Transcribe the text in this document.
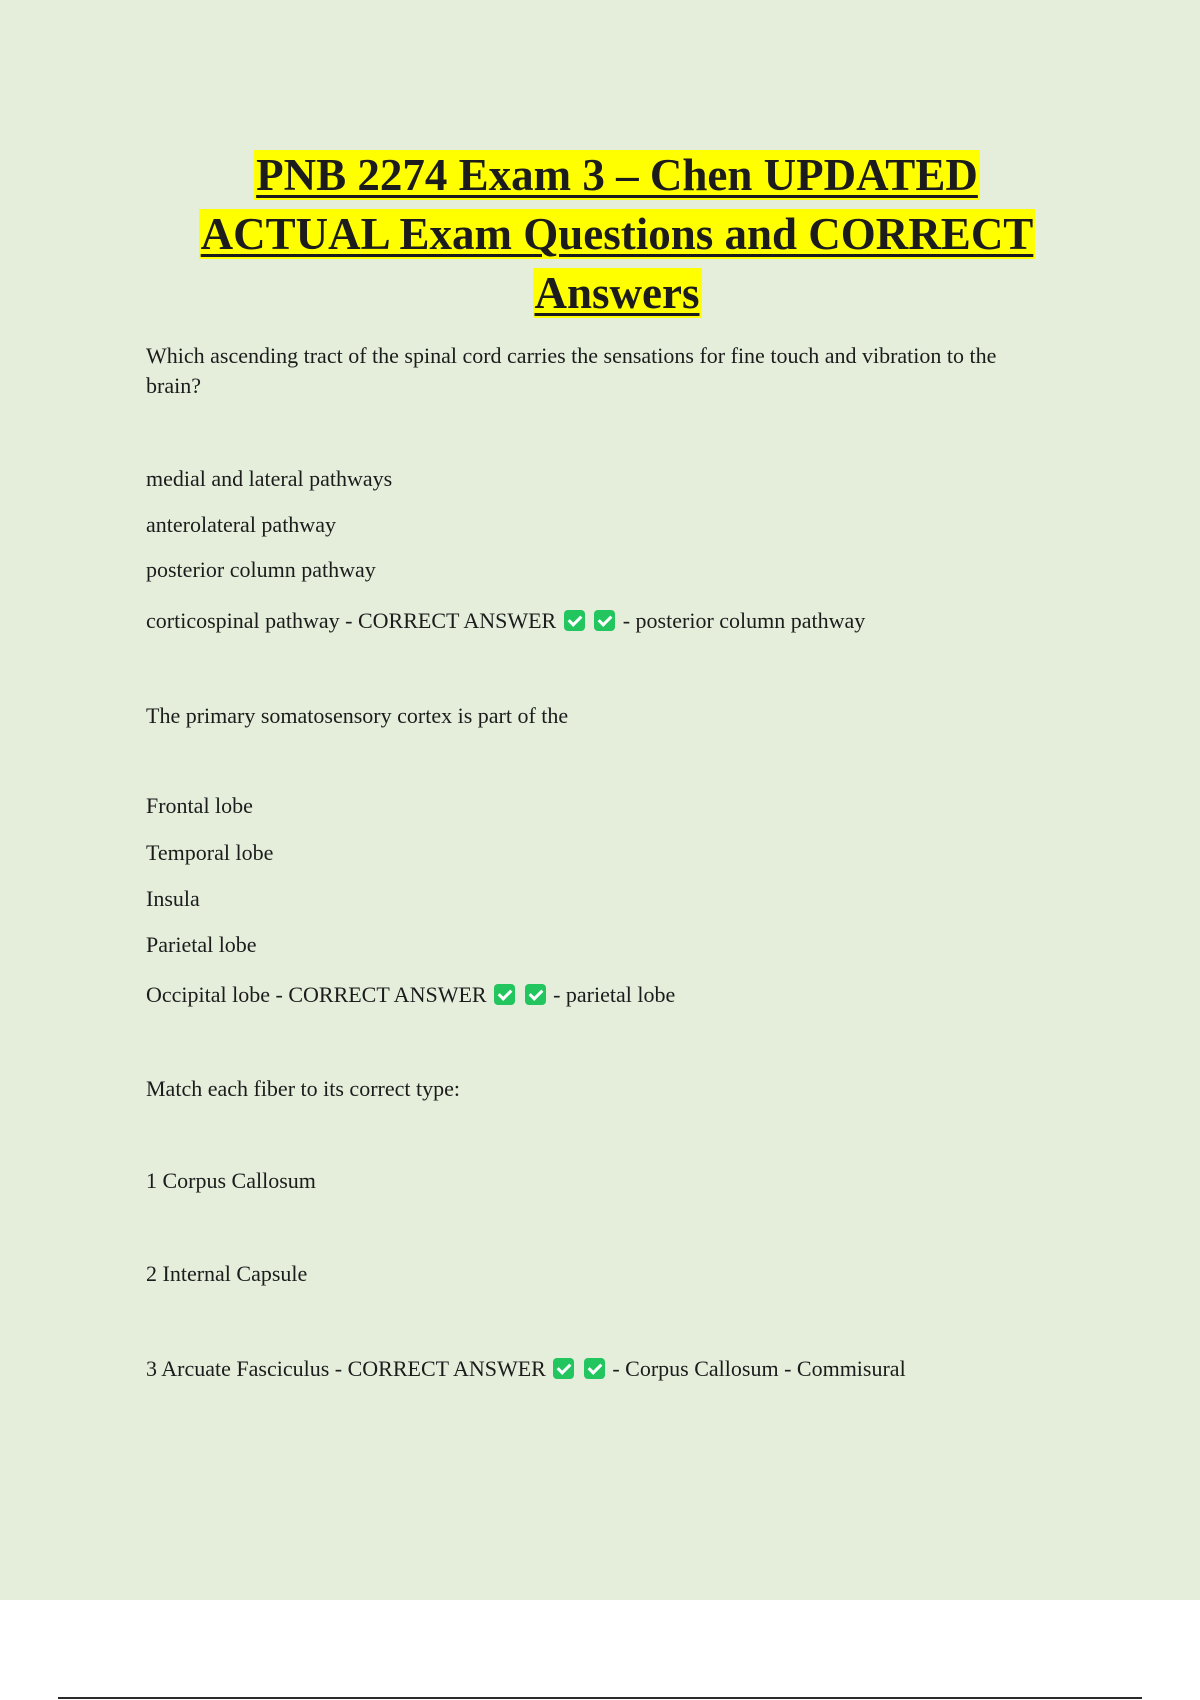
PNB 2274 Exam 3 – Chen UPDATED
ACTUAL Exam Questions and CORRECT
Answers
Which ascending tract of the spinal cord carries the sensations for fine touch and vibration to the
brain?
medial and lateral pathways
anterolateral pathway
posterior column pathway
corticospinal pathway - CORRECT ANSWER	- posterior column pathway
The primary somatosensory cortex is part of the
Frontal lobe
Temporal lobe
Insula
Parietal lobe
Occipital lobe - CORRECT ANSWER	- parietal lobe
Match each fiber to its correct type:
1 Corpus Callosum
2 Internal Capsule
3 Arcuate Fasciculus - CORRECT ANSWER	- Corpus Callosum - Commisural
